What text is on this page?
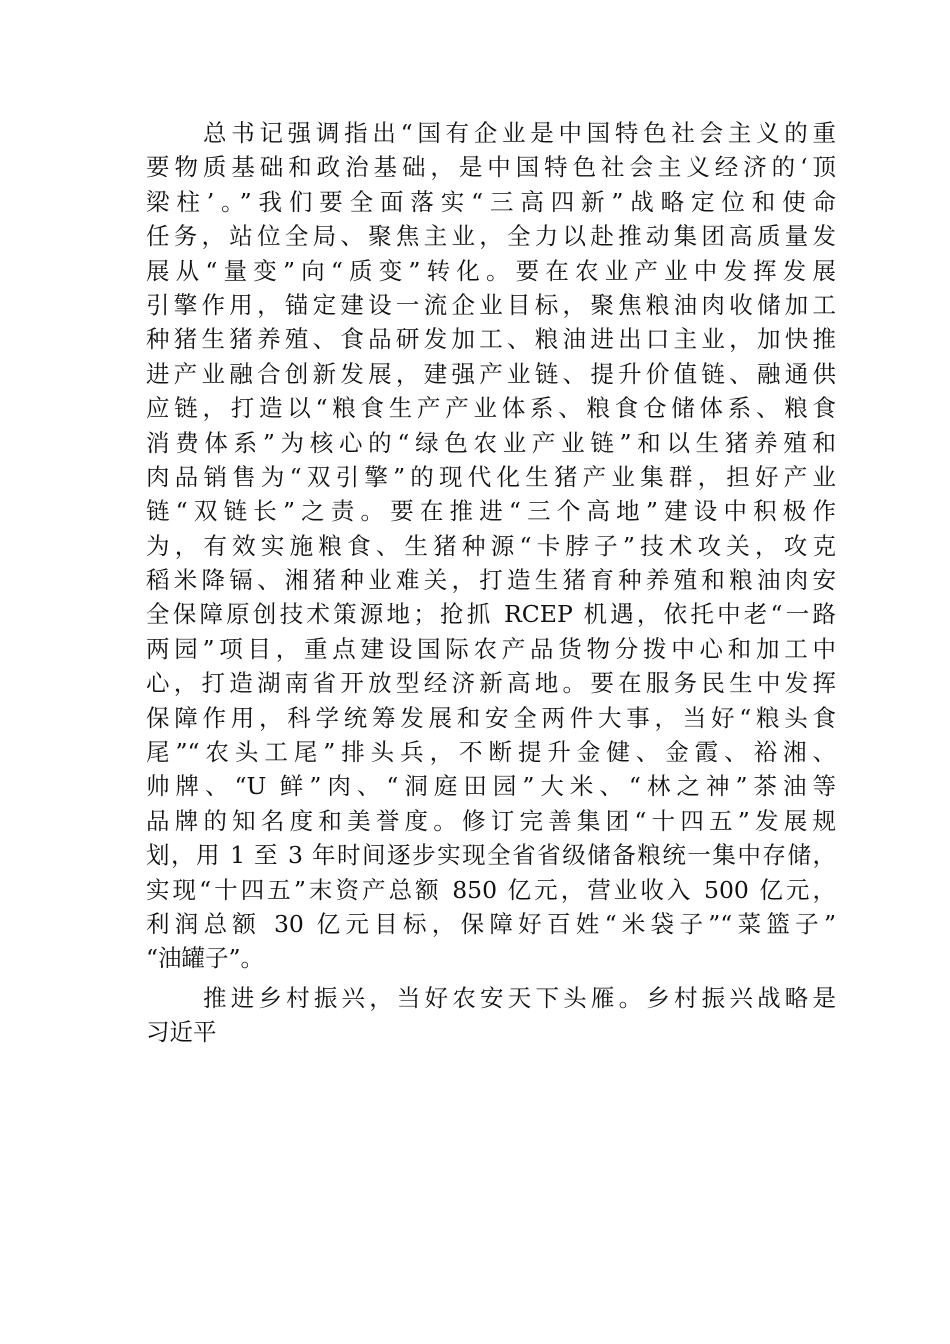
总书记强调指出“国有企业是中国特色社会主义的重
要物质基础和政治基础，是中国特色社会主义经济的‘顶
梁柱’。”我们要全面落实“三高四新”战略定位和使命
任务，站位全局、聚焦主业，全力以赴推动集团高质量发
展从“量变”向“质变”转化。要在农业产业中发挥发展
引擎作用，锚定建设一流企业目标，聚焦粮油肉收储加工
种猪生猪养殖、食品研发加工、粮油进出口主业，加快推
进产业融合创新发展，建强产业链、提升价值链、融通供
应链，打造以“粮食生产产业体系、粮食仓储体系、粮食
消费体系”为核心的“绿色农业产业链”和以生猪养殖和
肉品销售为“双引擎”的现代化生猪产业集群，担好产业
链“双链长”之责。要在推进“三个高地”建设中积极作
为，有效实施粮食、生猪种源“卡脖子”技术攻关，攻克
稻米降镉、湘猪种业难关，打造生猪育种养殖和粮油肉安
全保障原创技术策源地；抢抓 RCEP 机遇，依托中老“一路
两园”项目，重点建设国际农产品货物分拨中心和加工中
心，打造湖南省开放型经济新高地。要在服务民生中发挥
保障作用，科学统筹发展和安全两件大事，当好“粮头食
尾”“农头工尾”排头兵，不断提升金健、金霞、裕湘、
帅牌、“U 鲜”肉、“洞庭田园”大米、“林之神”茶油等
品牌的知名度和美誉度。修订完善集团“十四五”发展规
划，用 1 至 3 年时间逐步实现全省省级储备粮统一集中存储，
实现“十四五”末资产总额 850 亿元，营业收入 500 亿元，
利润总额 30 亿元目标，保障好百姓“米袋子”“菜篮子”
“油罐子”。
推进乡村振兴，当好农安天下头雁。乡村振兴战略是
习近平
